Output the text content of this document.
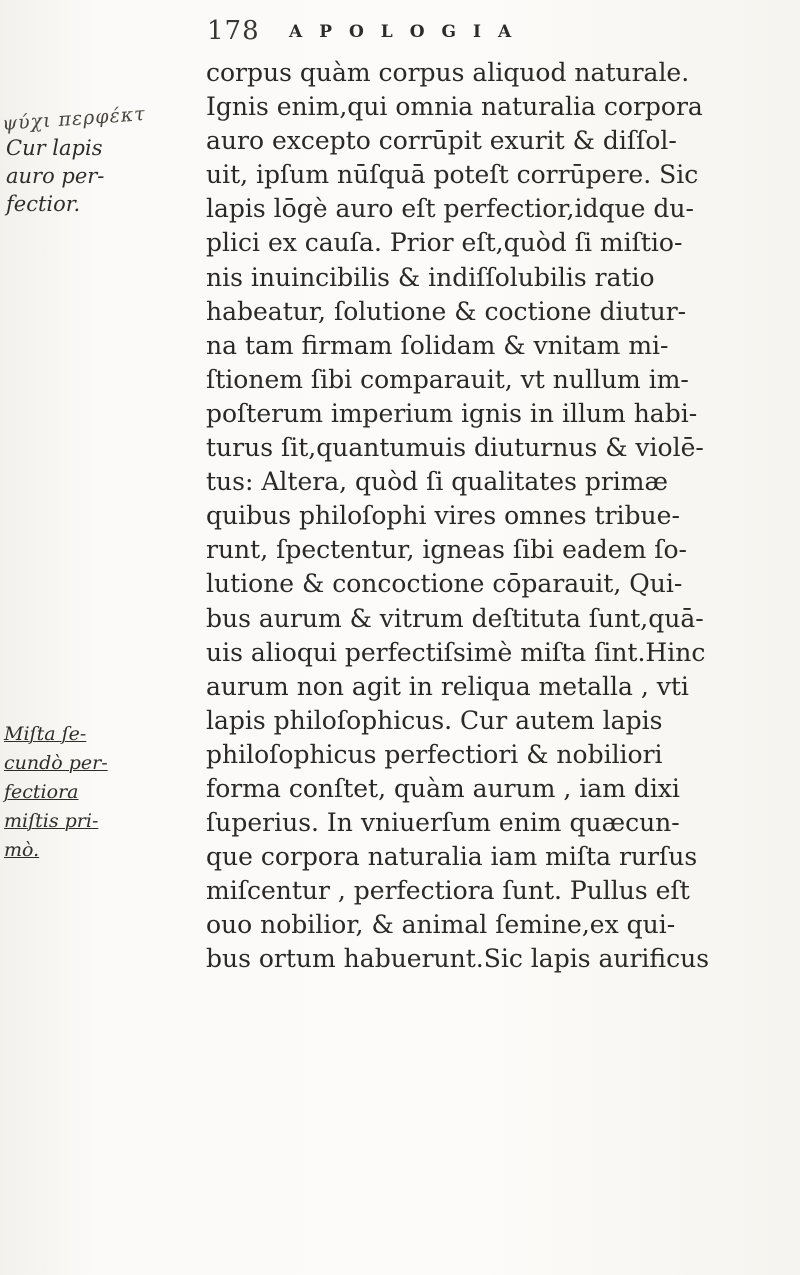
178 APOLOGIA
ψύχι περφέκτ
Cur lapis
auro per-
fectior.
Miſta ſe-
cundò per-
fectiora
miſtis pri-
mò.
corpus quàm corpus aliquod naturale.
Ignis enim,qui omnia naturalia corpora
auro excepto corrūpit exurit & diſſol-
uit, ipſum nūſquā poteſt corrūpere. Sic
lapis lōgè auro eſt perfectior,idque du-
plici ex cauſa. Prior eſt,quòd ſi miſtio-
nis inuincibilis & indiſſolubilis ratio
habeatur, ſolutione & coctione diutur-
na tam firmam ſolidam & vnitam mi-
ſtionem ſibi comparauit, vt nullum im-
poſterum imperium ignis in illum habi-
turus ſit,quantumuis diuturnus & violē-
tus: Altera, quòd ſi qualitates primæ
quibus philoſophi vires omnes tribue-
runt, ſpectentur, igneas ſibi eadem ſo-
lutione & concoctione cōparauit, Qui-
bus aurum & vitrum deſtituta ſunt,quā-
uis alioqui perfectiſsimè miſta ſint.Hinc
aurum non agit in reliqua metalla , vti
lapis philoſophicus. Cur autem lapis
philoſophicus perfectiori & nobiliori
forma conſtet, quàm aurum , iam dixi
ſuperius. In vniuerſum enim quæcun-
que corpora naturalia iam miſta rurſus
miſcentur , perfectiora ſunt. Pullus eſt
ouo nobilior, & animal ſemine,ex qui-
bus ortum habuerunt.Sic lapis aurificus
